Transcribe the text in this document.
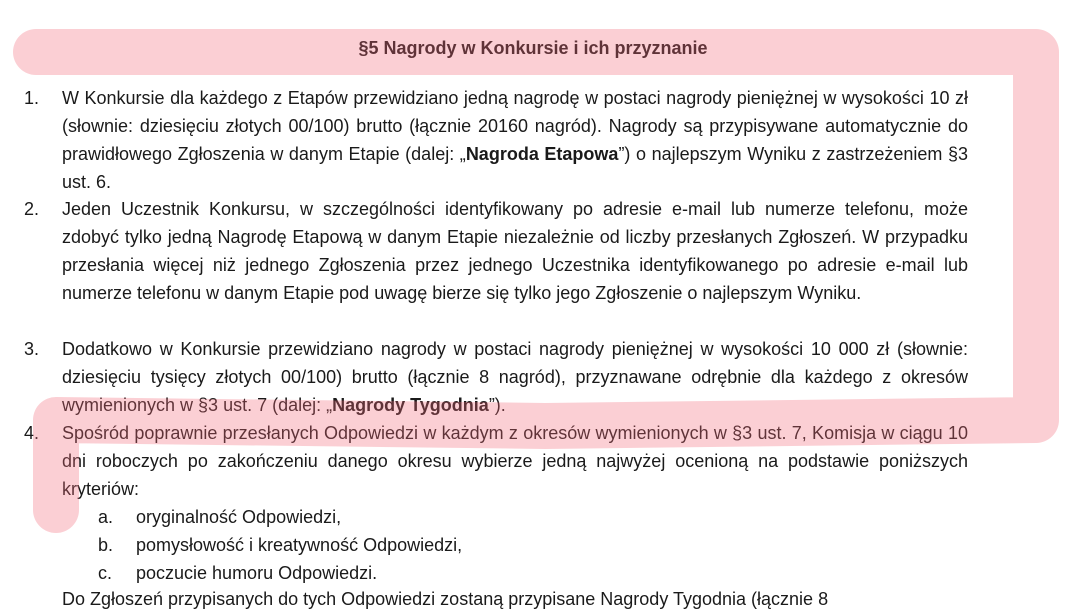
§5 Nagrody w Konkursie i ich przyznanie
1.	W Konkursie dla każdego z Etapów przewidziano jedną nagrodę w postaci nagrody pieniężnej w wysokości 10 zł (słownie: dziesięciu złotych 00/100) brutto (łącznie 20160 nagród). Nagrody są przypisywane automatycznie do prawidłowego Zgłoszenia w danym Etapie (dalej: „Nagroda Etapowa”) o najlepszym Wyniku z zastrzeżeniem §3 ust. 6.
2.	Jeden Uczestnik Konkursu, w szczególności identyfikowany po adresie e-mail lub numerze telefonu, może zdobyć tylko jedną Nagrodę Etapową w danym Etapie niezależnie od liczby przesłanych Zgłoszeń. W przypadku przesłania więcej niż jednego Zgłoszenia przez jednego Uczestnika identyfikowanego po adresie e-mail lub numerze telefonu w danym Etapie pod uwagę bierze się tylko jego Zgłoszenie o najlepszym Wyniku.
3.	Dodatkowo w Konkursie przewidziano nagrody w postaci nagrody pieniężnej w wysokości 10 000 zł (słownie: dziesięciu tysięcy złotych 00/100) brutto (łącznie 8 nagród), przyznawane odrębnie dla każdego z okresów wymienionych w §3 ust. 7 (dalej: „Nagrody Tygodnia”).
4.	Spośród poprawnie przesłanych Odpowiedzi w każdym z okresów wymienionych w §3 ust. 7, Komisja w ciągu 10 dni roboczych po zakończeniu danego okresu wybierze jedną najwyżej ocenioną na podstawie poniższych kryteriów:
a. oryginalność Odpowiedzi,
b. pomysłowość i kreatywność Odpowiedzi,
c. poczucie humoru Odpowiedzi.
Do Zgłoszeń przypisanych do tych Odpowiedzi zostaną przypisane Nagrody Tygodnia (łącznie 8
